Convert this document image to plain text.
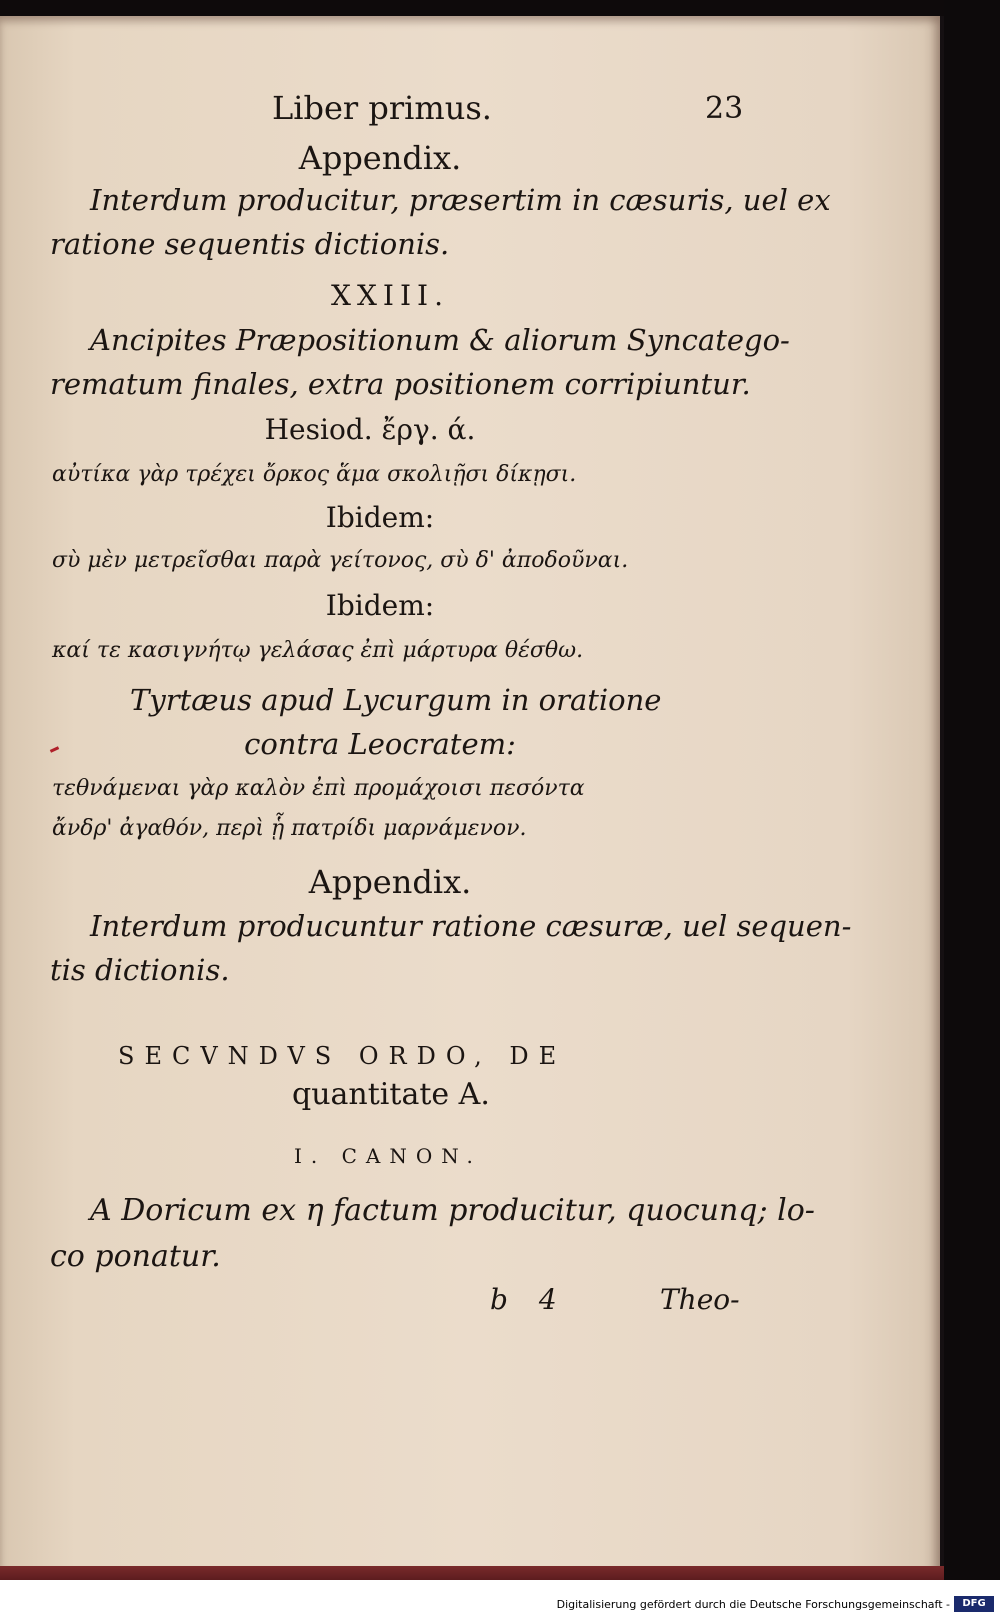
Liber primus.	23
Appendix.
Interdum producitur, præsertim in cæsuris, uel ex
ratione sequentis dictionis.
XXIII.
Ancipites Præpositionum & aliorum Syncatego-
rematum finales, extra positionem corripiuntur.
Hesiod. ἔργ. ά.
αὐτίκα γὰρ τρέχει ὄρκος ἅμα σκολιῇσι δίκῃσι.
Ibidem:
σὺ μὲν μετρεῖσθαι παρὰ γείτονος, σὺ δ' ἀποδοῦναι.
Ibidem:
καί τε κασιγνήτῳ γελάσας ἐπὶ μάρτυρα θέσθω.
Tyrtæus apud Lycurgum in oratione
contra Leocratem:
τεθνάμεναι γὰρ καλὸν ἐπὶ προμάχοισι πεσόντα
ἄνδρ' ἀγαθόν, περὶ ᾗ πατρίδι μαρνάμενον.
Appendix.
Interdum producuntur ratione cæsuræ, uel sequen-
tis dictionis.
SECVNDVS ORDO, DE
quantitate A.
I. CANON.
A Doricum ex η factum producitur, quocunq; lo-
co ponatur.
b 4	Theo-
Digitalisierung gefördert durch die Deutsche Forschungsgemeinschaft -	DFG
